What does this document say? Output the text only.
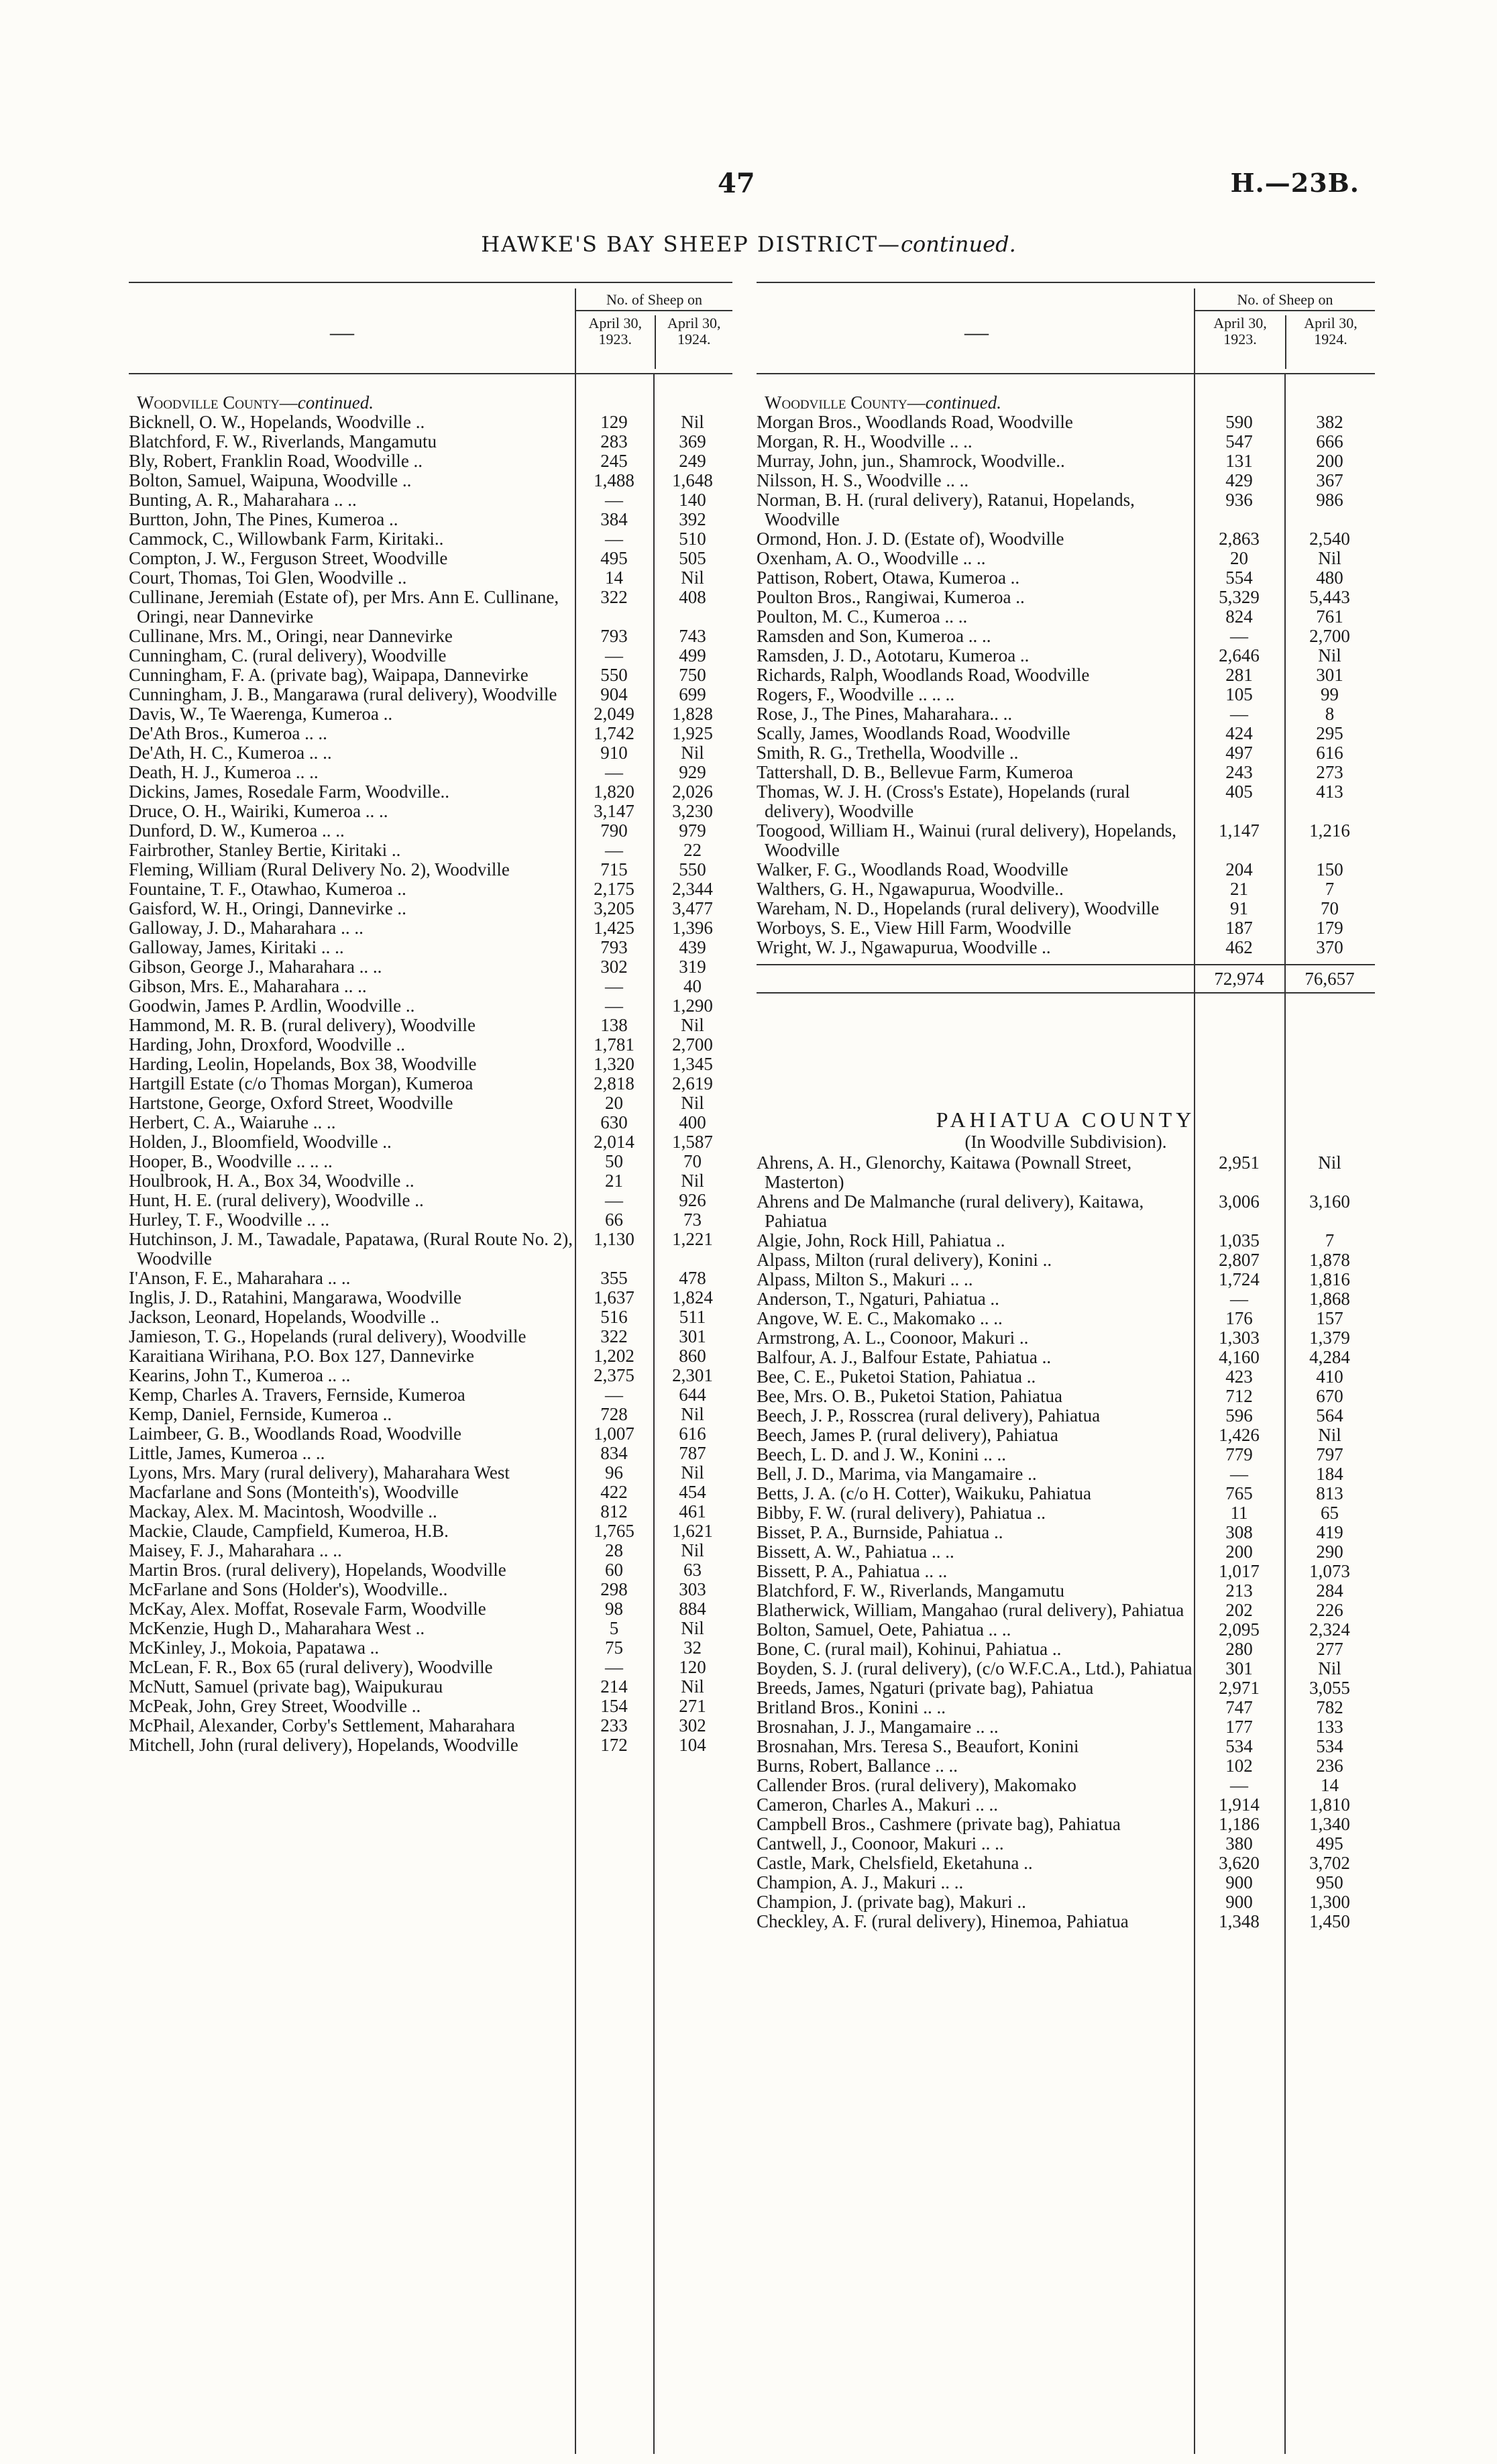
47	H.—23B.
HAWKE'S BAY SHEEP DISTRICT—continued.
—
No. of Sheep on
April 30, 1923.
April 30, 1924.
Woodville County—continued.
Bicknell, O. W., Hopelands, Woodville ..	129	Nil
Blatchford, F. W., Riverlands, Mangamutu	283	369
Bly, Robert, Franklin Road, Woodville ..	245	249
Bolton, Samuel, Waipuna, Woodville ..	1,488	1,648
Bunting, A. R., Maharahara .. ..	—	140
Burtton, John, The Pines, Kumeroa ..	384	392
Cammock, C., Willowbank Farm, Kiritaki..	—	510
Compton, J. W., Ferguson Street, Woodville	495	505
Court, Thomas, Toi Glen, Woodville ..	14	Nil
Cullinane, Jeremiah (Estate of), per Mrs. Ann E. Cullinane, Oringi, near Dannevirke
322	408
Cullinane, Mrs. M., Oringi, near Dannevirke	793	743
Cunningham, C. (rural delivery), Woodville	—	499
Cunningham, F. A. (private bag), Waipapa, Dannevirke	550	750
Cunningham, J. B., Mangarawa (rural delivery), Woodville	904	699
Davis, W., Te Waerenga, Kumeroa ..	2,049	1,828
De'Ath Bros., Kumeroa .. ..	1,742	1,925
De'Ath, H. C., Kumeroa .. ..	910	Nil
Death, H. J., Kumeroa .. ..	—	929
Dickins, James, Rosedale Farm, Woodville..	1,820	2,026
Druce, O. H., Wairiki, Kumeroa .. ..	3,147	3,230
Dunford, D. W., Kumeroa .. ..	790	979
Fairbrother, Stanley Bertie, Kiritaki ..	—	22
Fleming, William (Rural Delivery No. 2), Woodville	715	550
Fountaine, T. F., Otawhao, Kumeroa ..	2,175	2,344
Gaisford, W. H., Oringi, Dannevirke ..	3,205	3,477
Galloway, J. D., Maharahara .. ..	1,425	1,396
Galloway, James, Kiritaki .. ..	793	439
Gibson, George J., Maharahara .. ..	302	319
Gibson, Mrs. E., Maharahara .. ..	—	40
Goodwin, James P. Ardlin, Woodville ..	—	1,290
Hammond, M. R. B. (rural delivery), Woodville	138	Nil
Harding, John, Droxford, Woodville ..	1,781	2,700
Harding, Leolin, Hopelands, Box 38, Woodville	1,320	1,345
Hartgill Estate (c/o Thomas Morgan), Kumeroa	2,818	2,619
Hartstone, George, Oxford Street, Woodville	20	Nil
Herbert, C. A., Waiaruhe .. ..	630	400
Holden, J., Bloomfield, Woodville ..	2,014	1,587
Hooper, B., Woodville .. .. ..	50	70
Houlbrook, H. A., Box 34, Woodville ..	21	Nil
Hunt, H. E. (rural delivery), Woodville ..	—	926
Hurley, T. F., Woodville .. ..	66	73
Hutchinson, J. M., Tawadale, Papatawa, (Rural Route No. 2), Woodville
1,130	1,221
I'Anson, F. E., Maharahara .. ..	355	478
Inglis, J. D., Ratahini, Mangarawa, Woodville	1,637	1,824
Jackson, Leonard, Hopelands, Woodville ..	516	511
Jamieson, T. G., Hopelands (rural delivery), Woodville	322	301
Karaitiana Wirihana, P.O. Box 127, Dannevirke	1,202	860
Kearins, John T., Kumeroa .. ..	2,375	2,301
Kemp, Charles A. Travers, Fernside, Kumeroa	—	644
Kemp, Daniel, Fernside, Kumeroa ..	728	Nil
Laimbeer, G. B., Woodlands Road, Woodville	1,007	616
Little, James, Kumeroa .. ..	834	787
Lyons, Mrs. Mary (rural delivery), Maharahara West	96	Nil
Macfarlane and Sons (Monteith's), Woodville	422	454
Mackay, Alex. M. Macintosh, Woodville ..	812	461
Mackie, Claude, Campfield, Kumeroa, H.B.	1,765	1,621
Maisey, F. J., Maharahara .. ..	28	Nil
Martin Bros. (rural delivery), Hopelands, Woodville	60	63
McFarlane and Sons (Holder's), Woodville..	298	303
McKay, Alex. Moffat, Rosevale Farm, Woodville	98	884
McKenzie, Hugh D., Maharahara West ..	5	Nil
McKinley, J., Mokoia, Papatawa ..	75	32
McLean, F. R., Box 65 (rural delivery), Woodville	—	120
McNutt, Samuel (private bag), Waipukurau	214	Nil
McPeak, John, Grey Street, Woodville ..	154	271
McPhail, Alexander, Corby's Settlement, Maharahara	233	302
Mitchell, John (rural delivery), Hopelands, Woodville	172	104
—
No. of Sheep on
April 30, 1923.
April 30, 1924.
Woodville County—continued.
Morgan Bros., Woodlands Road, Woodville	590	382
Morgan, R. H., Woodville .. ..	547	666
Murray, John, jun., Shamrock, Woodville..	131	200
Nilsson, H. S., Woodville .. ..	429	367
Norman, B. H. (rural delivery), Ratanui, Hopelands, Woodville
936	986
Ormond, Hon. J. D. (Estate of), Woodville	2,863	2,540
Oxenham, A. O., Woodville .. ..	20	Nil
Pattison, Robert, Otawa, Kumeroa ..	554	480
Poulton Bros., Rangiwai, Kumeroa ..	5,329	5,443
Poulton, M. C., Kumeroa .. ..	824	761
Ramsden and Son, Kumeroa .. ..	—	2,700
Ramsden, J. D., Aototaru, Kumeroa ..	2,646	Nil
Richards, Ralph, Woodlands Road, Woodville	281	301
Rogers, F., Woodville .. .. ..	105	99
Rose, J., The Pines, Maharahara.. ..	—	8
Scally, James, Woodlands Road, Woodville	424	295
Smith, R. G., Trethella, Woodville ..	497	616
Tattershall, D. B., Bellevue Farm, Kumeroa	243	273
Thomas, W. J. H. (Cross's Estate), Hopelands (rural delivery), Woodville
405	413
Toogood, William H., Wainui (rural delivery), Hopelands, Woodville
1,147	1,216
Walker, F. G., Woodlands Road, Woodville	204	150
Walthers, G. H., Ngawapurua, Woodville..	21	7
Wareham, N. D., Hopelands (rural delivery), Woodville	91	70
Worboys, S. E., View Hill Farm, Woodville	187	179
Wright, W. J., Ngawapurua, Woodville ..	462	370
72,974	76,657
PAHIATUA COUNTY
(In Woodville Subdivision).
Ahrens, A. H., Glenorchy, Kaitawa (Pownall Street, Masterton)
2,951	Nil
Ahrens and De Malmanche (rural delivery), Kaitawa, Pahiatua
3,006	3,160
Algie, John, Rock Hill, Pahiatua ..	1,035	7
Alpass, Milton (rural delivery), Konini ..	2,807	1,878
Alpass, Milton S., Makuri .. ..	1,724	1,816
Anderson, T., Ngaturi, Pahiatua ..	—	1,868
Angove, W. E. C., Makomako .. ..	176	157
Armstrong, A. L., Coonoor, Makuri ..	1,303	1,379
Balfour, A. J., Balfour Estate, Pahiatua ..	4,160	4,284
Bee, C. E., Puketoi Station, Pahiatua ..	423	410
Bee, Mrs. O. B., Puketoi Station, Pahiatua	712	670
Beech, J. P., Rosscrea (rural delivery), Pahiatua	596	564
Beech, James P. (rural delivery), Pahiatua	1,426	Nil
Beech, L. D. and J. W., Konini .. ..	779	797
Bell, J. D., Marima, via Mangamaire ..	—	184
Betts, J. A. (c/o H. Cotter), Waikuku, Pahiatua	765	813
Bibby, F. W. (rural delivery), Pahiatua ..	11	65
Bisset, P. A., Burnside, Pahiatua ..	308	419
Bissett, A. W., Pahiatua .. ..	200	290
Bissett, P. A., Pahiatua .. ..	1,017	1,073
Blatchford, F. W., Riverlands, Mangamutu	213	284
Blatherwick, William, Mangahao (rural delivery), Pahiatua	202	226
Bolton, Samuel, Oete, Pahiatua .. ..	2,095	2,324
Bone, C. (rural mail), Kohinui, Pahiatua ..	280	277
Boyden, S. J. (rural delivery), (c/o W.F.C.A., Ltd.), Pahiatua	301	Nil
Breeds, James, Ngaturi (private bag), Pahiatua	2,971	3,055
Britland Bros., Konini .. ..	747	782
Brosnahan, J. J., Mangamaire .. ..	177	133
Brosnahan, Mrs. Teresa S., Beaufort, Konini	534	534
Burns, Robert, Ballance .. ..	102	236
Callender Bros. (rural delivery), Makomako	—	14
Cameron, Charles A., Makuri .. ..	1,914	1,810
Campbell Bros., Cashmere (private bag), Pahiatua	1,186	1,340
Cantwell, J., Coonoor, Makuri .. ..	380	495
Castle, Mark, Chelsfield, Eketahuna ..	3,620	3,702
Champion, A. J., Makuri .. ..	900	950
Champion, J. (private bag), Makuri ..	900	1,300
Checkley, A. F. (rural delivery), Hinemoa, Pahiatua	1,348	1,450
